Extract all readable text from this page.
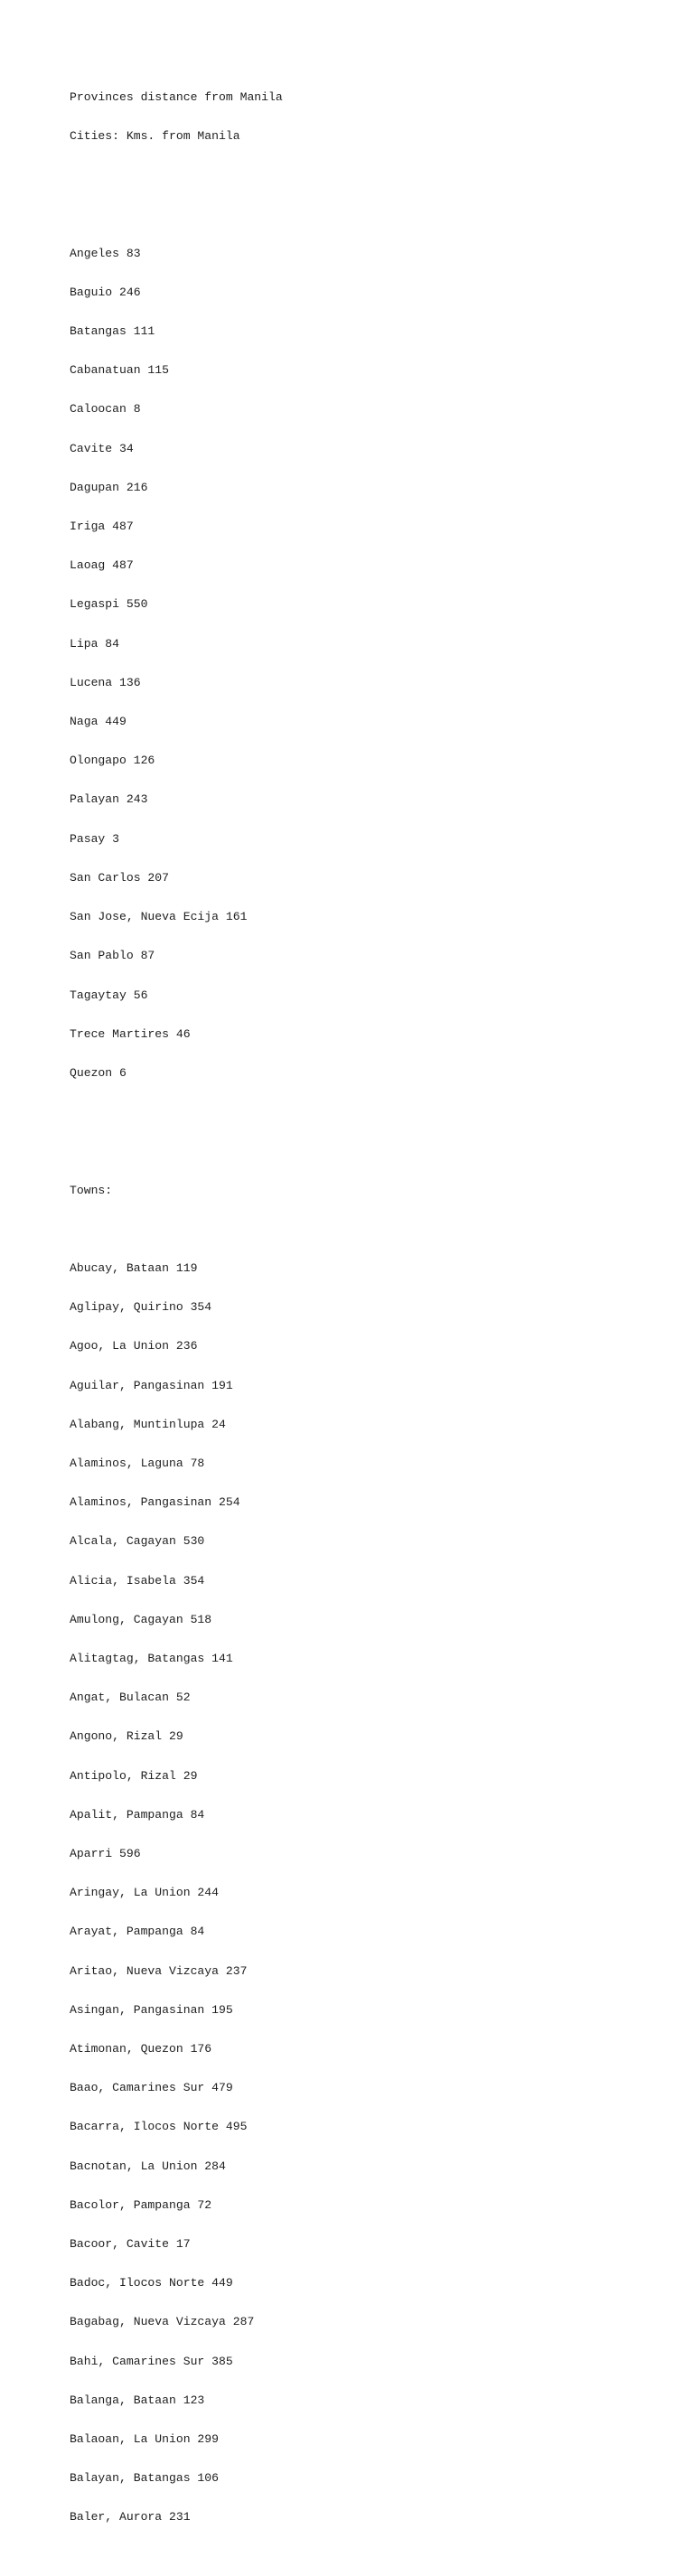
Provinces distance from Manila

Cities: Kms. from Manila

Angeles 83

Baguio 246

Batangas 111

Cabanatuan 115

Caloocan 8

Cavite 34

Dagupan 216

Iriga 487

Laoag 487

Legaspi 550

Lipa 84

Lucena 136

Naga 449

Olongapo 126

Palayan 243

Pasay 3

San Carlos 207

San Jose, Nueva Ecija 161

San Pablo 87

Tagaytay 56

Trece Martires 46

Quezon 6

Towns:

Abucay, Bataan 119

Aglipay, Quirino 354

Agoo, La Union 236

Aguilar, Pangasinan 191

Alabang, Muntinlupa 24

Alaminos, Laguna 78

Alaminos, Pangasinan 254

Alcala, Cagayan 530

Alicia, Isabela 354

Amulong, Cagayan 518

Alitagtag, Batangas 141

Angat, Bulacan 52

Angono, Rizal 29

Antipolo, Rizal 29

Apalit, Pampanga 84

Aparri 596

Aringay, La Union 244

Arayat, Pampanga 84

Aritao, Nueva Vizcaya 237

Asingan, Pangasinan 195

Atimonan, Quezon 176

Baao, Camarines Sur 479

Bacarra, Ilocos Norte 495

Bacnotan, La Union 284

Bacolor, Pampanga 72

Bacoor, Cavite 17

Badoc, Ilocos Norte 449

Bagabag, Nueva Vizcaya 287

Bahi, Camarines Sur 385

Balanga, Bataan 123

Balaoan, La Union 299

Balayan, Batangas 106

Baler, Aurora 231
